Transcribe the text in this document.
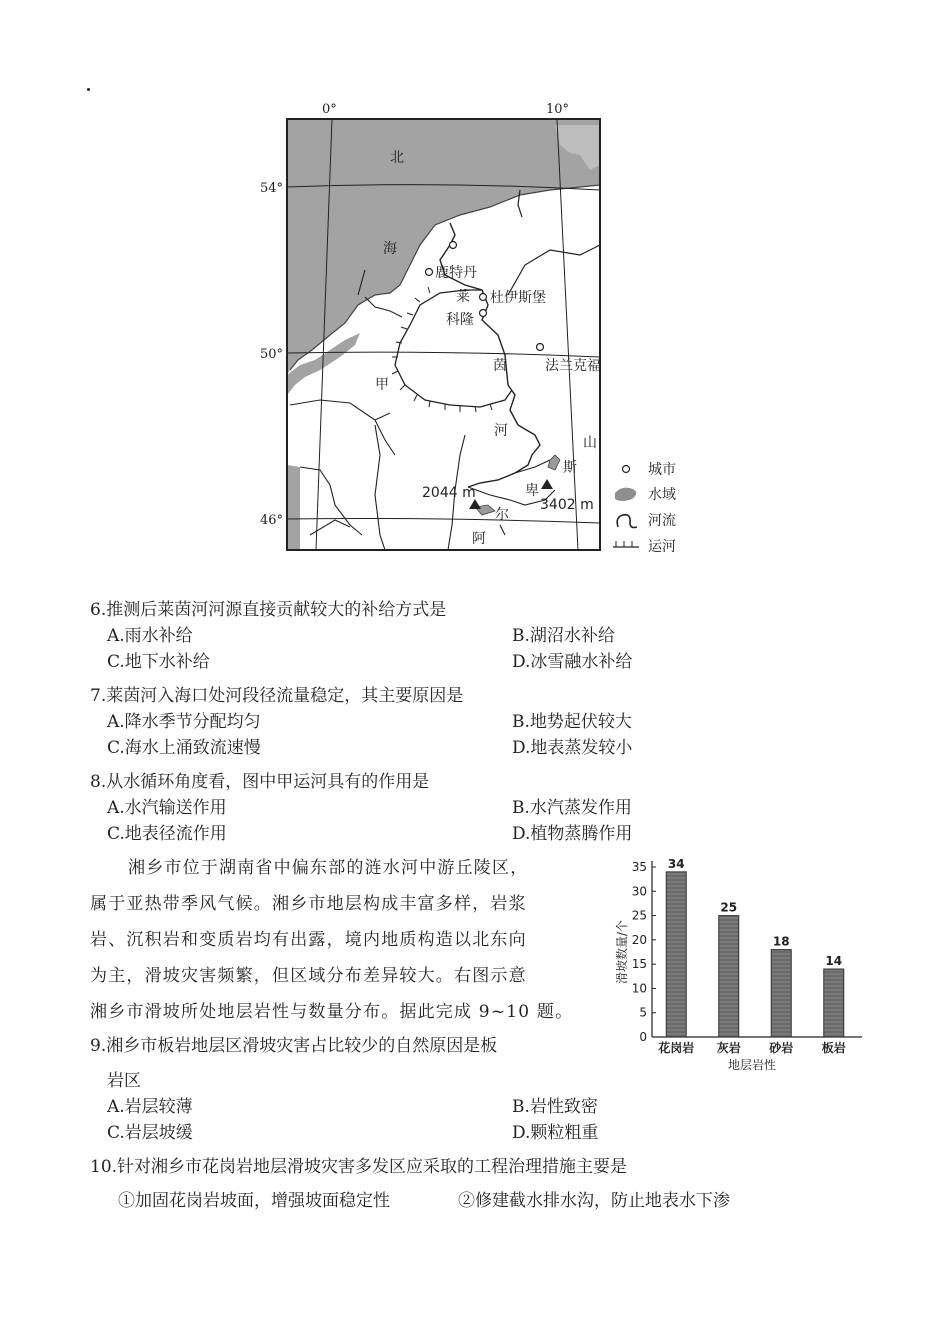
0°	10°
54°
50°
46°
北
海
鹿特丹
莱 杜伊斯堡
科隆
茵	法兰克福
甲
河
2044 m
3402 m
阿
尔
卑
斯
山
城市
水域
河流
运河
6.推测后莱茵河河源直接贡献较大的补给方式是
A.雨水补给	B.湖沼水补给
C.地下水补给	D.冰雪融水补给
7.莱茵河入海口处河段径流量稳定，其主要原因是
A.降水季节分配均匀	B.地势起伏较大
C.海水上涌致流速慢	D.地表蒸发较小
8.从水循环角度看，图中甲运河具有的作用是
A.水汽输送作用	B.水汽蒸发作用
C.地表径流作用	D.植物蒸腾作用
湘乡市位于湖南省中偏东部的涟水河中游丘陵区，
属于亚热带季风气候。湘乡市地层构成丰富多样，岩浆
岩、沉积岩和变质岩均有出露，境内地质构造以北东向
为主，滑坡灾害频繁，但区域分布差异较大。右图示意
湘乡市滑坡所处地层岩性与数量分布。据此完成 9~10 题。
0
5
10
15
20
25
30
35
滑坡数量/个
34
花岗岩
25
灰岩
18
砂岩
14
板岩
地层岩性
9.湘乡市板岩地层区滑坡灾害占比较少的自然原因是板
岩区
A.岩层较薄	B.岩性致密
C.岩层坡缓	D.颗粒粗重
10.针对湘乡市花岗岩地层滑坡灾害多发区应采取的工程治理措施主要是
①加固花岗岩坡面，增强坡面稳定性	②修建截水排水沟，防止地表水下渗
